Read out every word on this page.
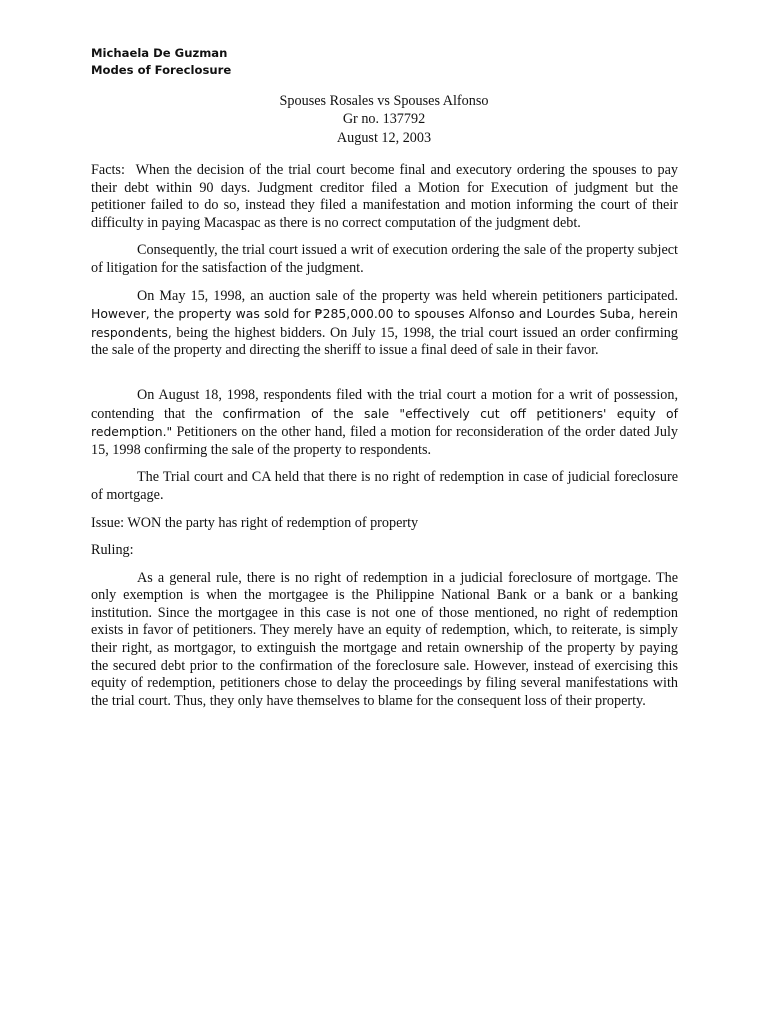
Michaela De Guzman
Modes of Foreclosure
Spouses Rosales vs Spouses Alfonso
Gr no. 137792
August 12, 2003

Facts: When the decision of the trial court become final and executory ordering the spouses to pay their debt within 90 days. Judgment creditor filed a Motion for Execution of judgment but the petitioner failed to do so, instead they filed a manifestation and motion informing the court of their difficulty in paying Macaspac as there is no correct computation of the judgment debt.

Consequently, the trial court issued a writ of execution ordering the sale of the property subject of litigation for the satisfaction of the judgment.

On May 15, 1998, an auction sale of the property was held wherein petitioners participated. However, the property was sold for ₱285,000.00 to spouses Alfonso and Lourdes Suba, herein respondents, being the highest bidders. On July 15, 1998, the trial court issued an order confirming the sale of the property and directing the sheriff to issue a final deed of sale in their favor.

On August 18, 1998, respondents filed with the trial court a motion for a writ of possession, contending that the confirmation of the sale "effectively cut off petitioners' equity of redemption." Petitioners on the other hand, filed a motion for reconsideration of the order dated July 15, 1998 confirming the sale of the property to respondents.

The Trial court and CA held that there is no right of redemption in case of judicial foreclosure of mortgage.

Issue: WON the party has right of redemption of property

Ruling:

As a general rule, there is no right of redemption in a judicial foreclosure of mortgage. The only exemption is when the mortgagee is the Philippine National Bank or a bank or a banking institution. Since the mortgagee in this case is not one of those mentioned, no right of redemption exists in favor of petitioners. They merely have an equity of redemption, which, to reiterate, is simply their right, as mortgagor, to extinguish the mortgage and retain ownership of the property by paying the secured debt prior to the confirmation of the foreclosure sale. However, instead of exercising this equity of redemption, petitioners chose to delay the proceedings by filing several manifestations with the trial court. Thus, they only have themselves to blame for the consequent loss of their property.
